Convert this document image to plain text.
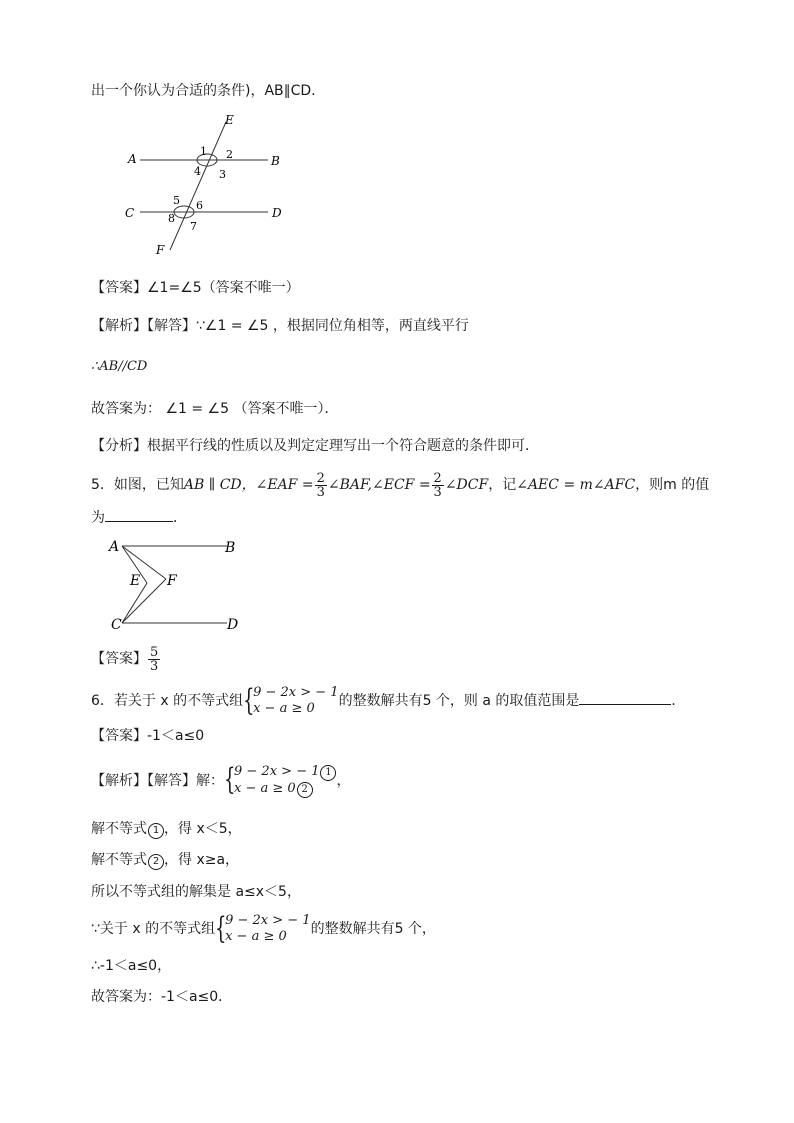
出一个你认为合适的条件)，AB∥CD．
E
A	B
C	D
F
1 2
3
4
5 6
7
8
【答案】∠1=∠5（答案不唯一）
【解析】【解答】∵∠1 = ∠5 ，根据同位角相等，两直线平行
∴AB//CD
故答案为： ∠1 = ∠5 （答案不唯一）．
【分析】根据平行线的性质以及判定定理写出一个符合题意的条件即可．
5．如图，已知AB ∥ CD，∠EAF = $\frac{2}{3}$ ∠BAF,∠ECF = $\frac{2}{3}$ ∠DCF，记∠AEC = m∠AFC，则m 的值
为	．
A	B
C	D
E F
【答案】 $\frac{5}{3}$
6．若关于 x 的不等式组 {
9 − 2x > − 1
x − a ≥ 0	的整数解共有5 个，则 a 的取值范围是	．
【答案】-1＜a≤0
【解析】【解答】解： {
9 − 2x > − 1 1
x − a ≥ 0 2
，
解不等式 1 ，得 x＜5，
解不等式 2 ，得 x≥a，
所以不等式组的解集是 a≤x＜5，
∵关于 x 的不等式组 {
9 − 2x > − 1
x − a ≥ 0	的整数解共有5 个，
∴-1＜a≤0，
故答案为：-1＜a≤0．
